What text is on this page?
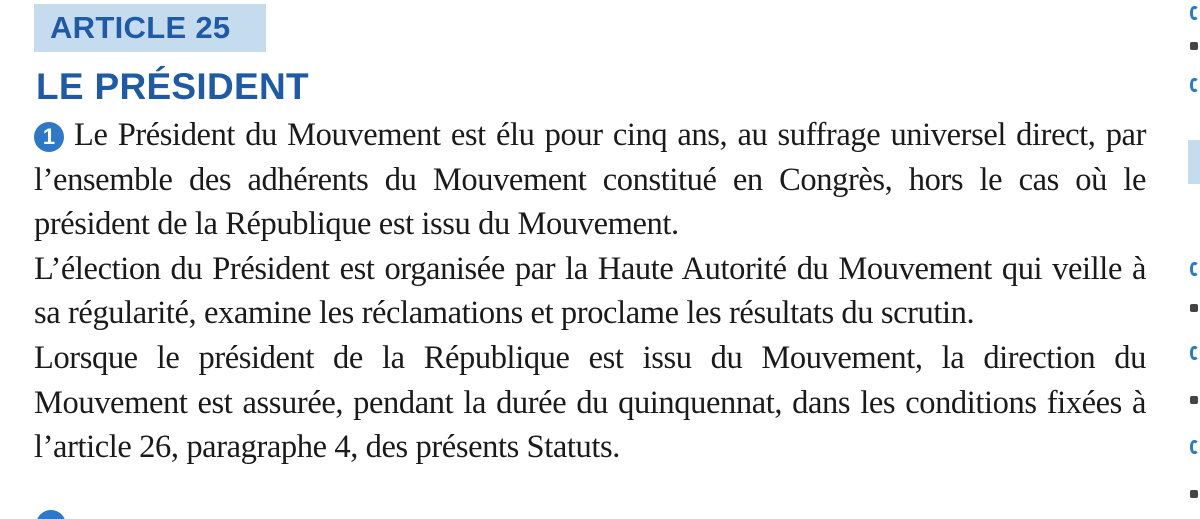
ARTICLE 25
LE PRÉSIDENT

1 Le Président du Mouvement est élu pour cinq ans, au suffrage universel direct, par l’ensemble des adhérents du Mouvement constitué en Congrès, hors le cas où le président de la République est issu du Mouvement.

L’élection du Président est organisée par la Haute Autorité du Mouvement qui veille à sa régularité, examine les réclamations et proclame les résultats du scrutin.

Lorsque le président de la République est issu du Mouvement, la direction du Mouvement est assurée, pendant la durée du quinquennat, dans les conditions fixées à l’article 26, paragraphe 4, des présents Statuts.
